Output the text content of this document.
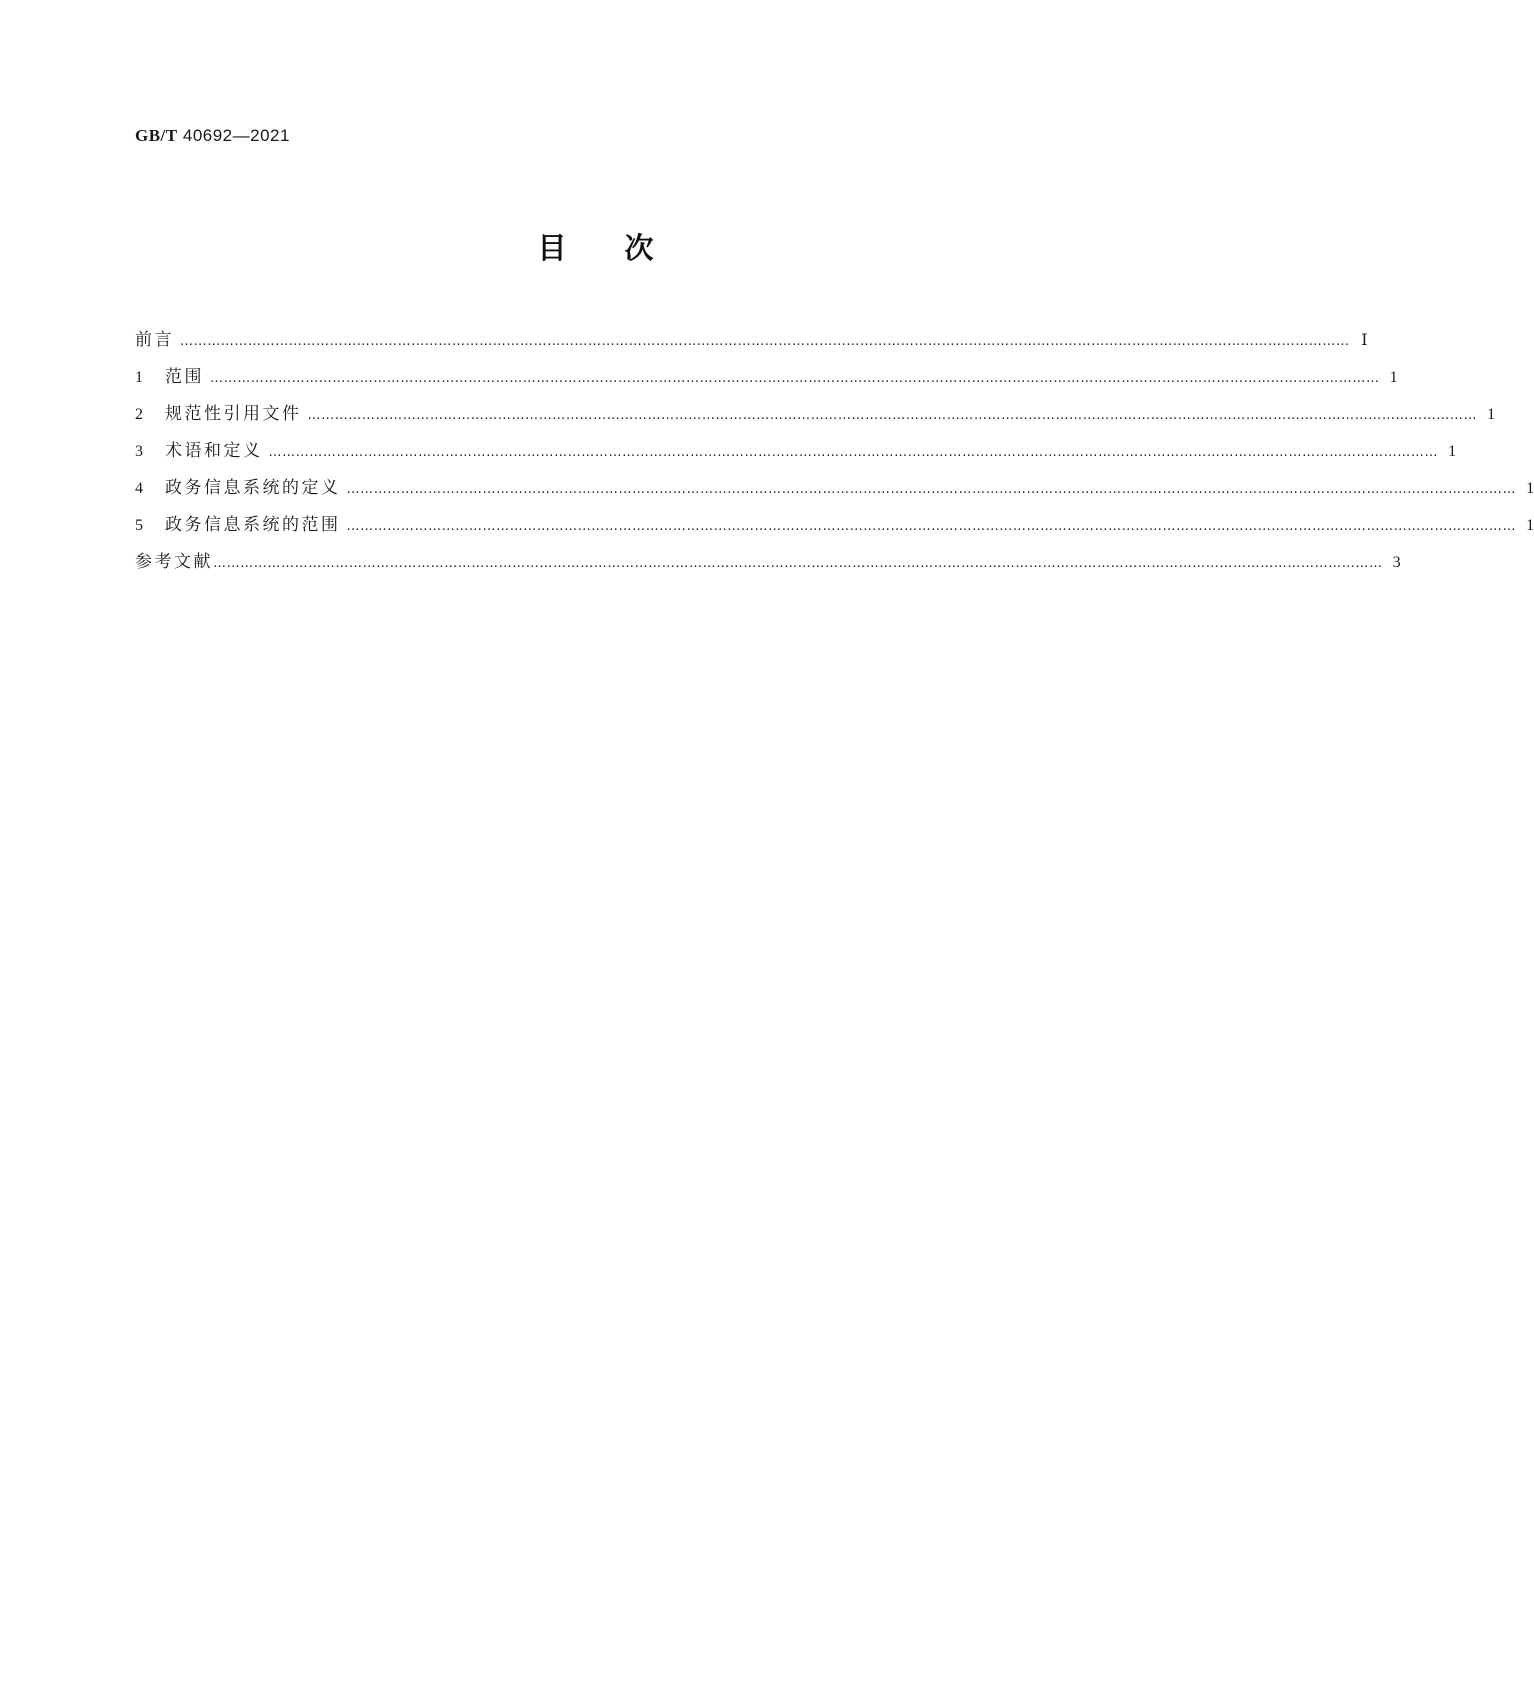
GB/T 40692—2021
目次
前言 …………………………………………………………………………………………………………………………………………………………………………………………………………………………………… Ⅰ
1	范围 …………………………………………………………………………………………………………………………………………………………………………………………………………………………………… 1
2	规范性引用文件 …………………………………………………………………………………………………………………………………………………………………………………………………………………………………… 1
3	术语和定义 …………………………………………………………………………………………………………………………………………………………………………………………………………………………………… 1
4	政务信息系统的定义 …………………………………………………………………………………………………………………………………………………………………………………………………………………………………… 1
5	政务信息系统的范围 …………………………………………………………………………………………………………………………………………………………………………………………………………………………………… 1
参考文献 …………………………………………………………………………………………………………………………………………………………………………………………………………………………………… 3
